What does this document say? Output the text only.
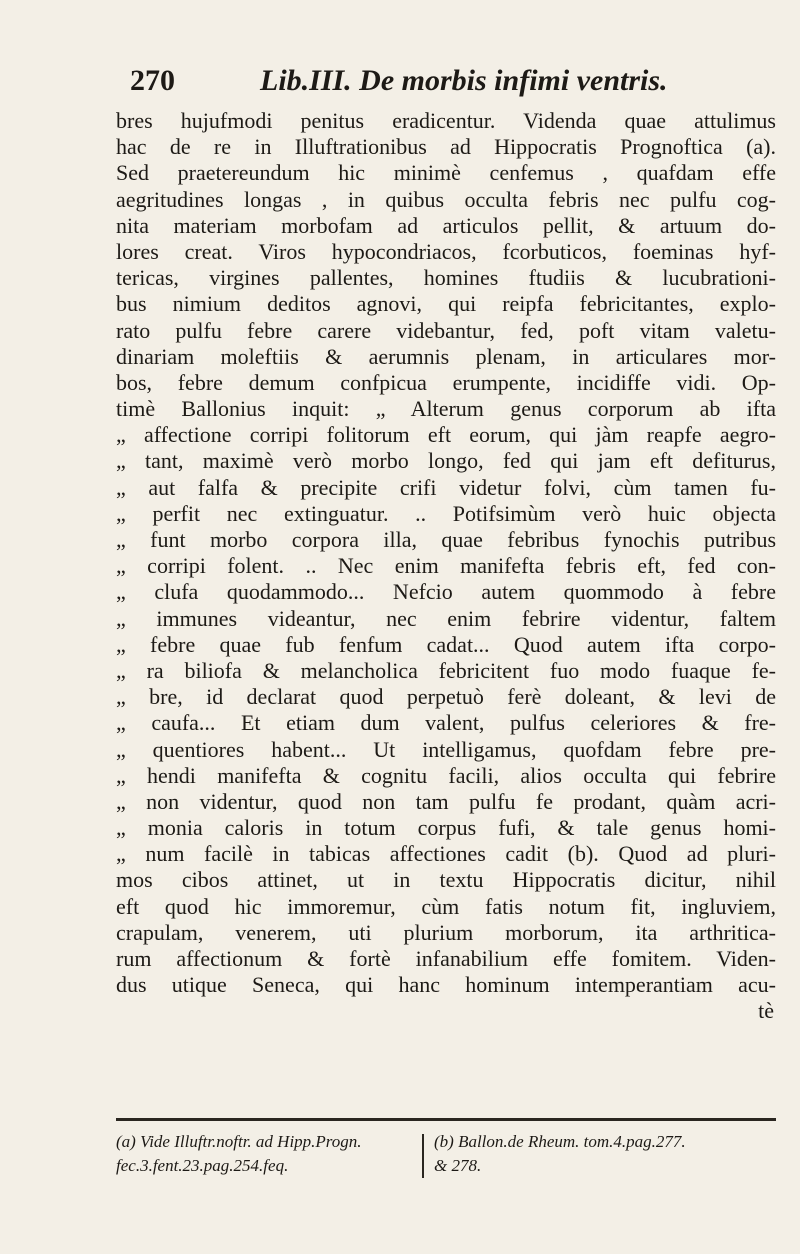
270	Lib.III. De morbis infimi ventris.
bres hujufmodi penitus eradicentur. Videnda quae attulimus
hac de re in Illuftrationibus ad Hippocratis Prognoftica (a).
Sed praetereundum hic minimè cenfemus , quafdam effe
aegritudines longas , in quibus occulta febris nec pulfu cog-
nita materiam morbofam ad articulos pellit, & artuum do-
lores creat. Viros hypocondriacos, fcorbuticos, foeminas hyf-
tericas, virgines pallentes, homines ftudiis & lucubrationi-
bus nimium deditos agnovi, qui reipfa febricitantes, explo-
rato pulfu febre carere videbantur, fed, poft vitam valetu-
dinariam moleftiis & aerumnis plenam, in articulares mor-
bos, febre demum confpicua erumpente, incidiffe vidi. Op-
timè Ballonius inquit: „ Alterum genus corporum ab ifta
„ affectione corripi folitorum eft eorum, qui jàm reapfe aegro-
„ tant, maximè verò morbo longo, fed qui jam eft defiturus,
„ aut falfa & precipite crifi videtur folvi, cùm tamen fu-
„ perfit nec extinguatur. .. Potifsimùm verò huic objecta
„ funt morbo corpora illa, quae febribus fynochis putribus
„ corripi folent. .. Nec enim manifefta febris eft, fed con-
„ clufa quodammodo... Nefcio autem quommodo à febre
„ immunes videantur, nec enim febrire videntur, faltem
„ febre quae fub fenfum cadat... Quod autem ifta corpo-
„ ra biliofa & melancholica febricitent fuo modo fuaque fe-
„ bre, id declarat quod perpetuò ferè doleant, & levi de
„ caufa... Et etiam dum valent, pulfus celeriores & fre-
„ quentiores habent... Ut intelligamus, quofdam febre pre-
„ hendi manifefta & cognitu facili, alios occulta qui febrire
„ non videntur, quod non tam pulfu fe prodant, quàm acri-
„ monia caloris in totum corpus fufi, & tale genus homi-
„ num facilè in tabicas affectiones cadit (b). Quod ad pluri-
mos cibos attinet, ut in textu Hippocratis dicitur, nihil
eft quod hic immoremur, cùm fatis notum fit, ingluviem,
crapulam, venerem, uti plurium morborum, ita arthritica-
rum affectionum & fortè infanabilium effe fomitem. Viden-
dus utique Seneca, qui hanc hominum intemperantiam acu-
tè
(a) Vide Illuftr.noftr. ad Hipp.Progn.
fec.3.fent.23.pag.254.feq.
(b) Ballon.de Rheum. tom.4.pag.277.
& 278.
